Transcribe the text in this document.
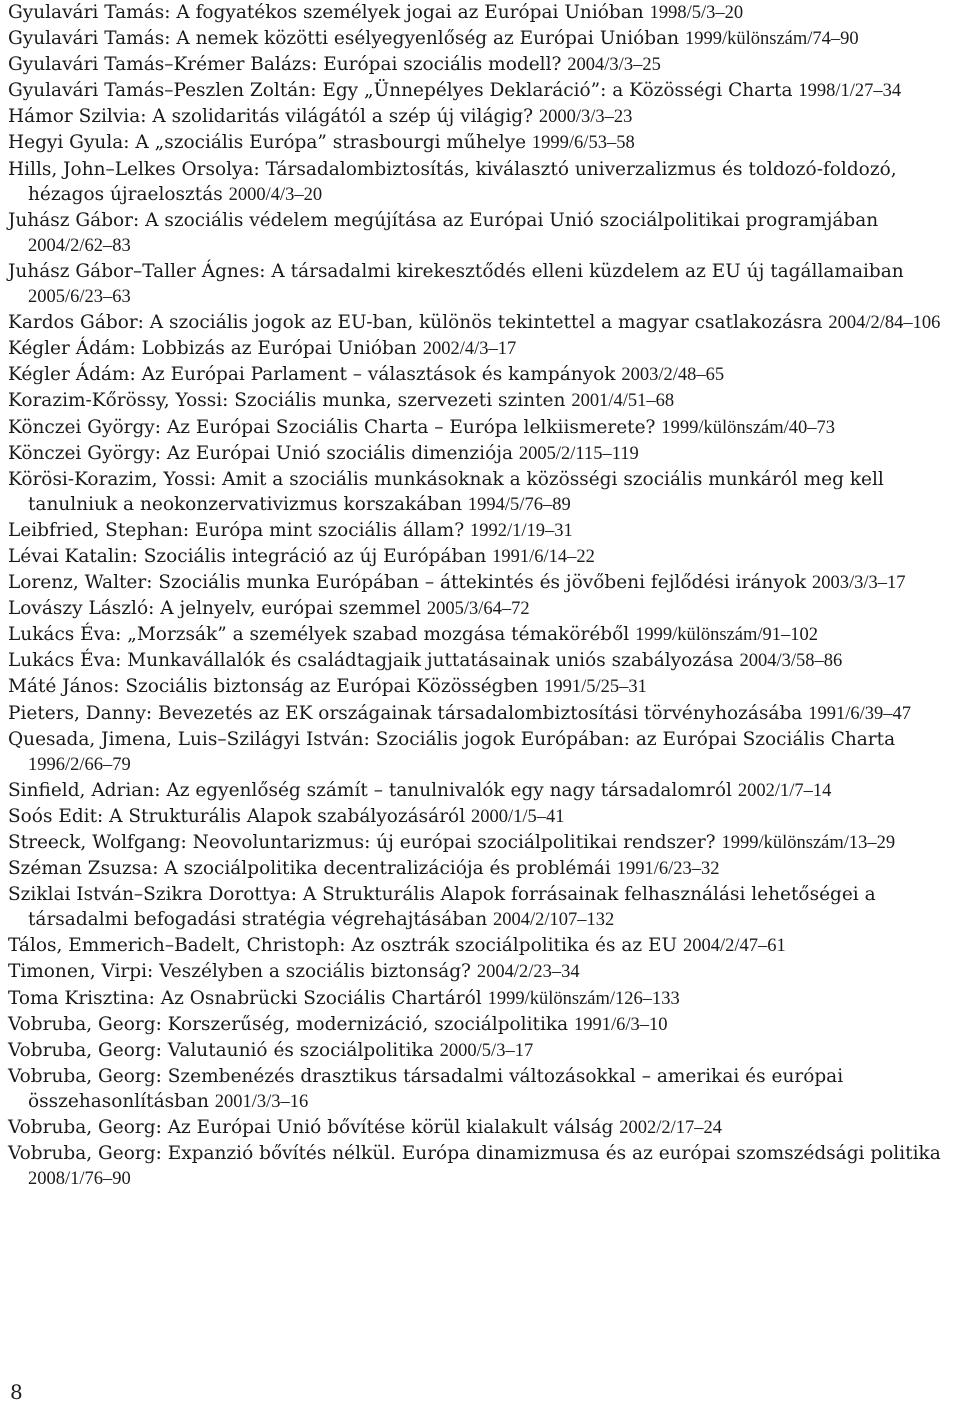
Gyulavári Tamás: A fogyatékos személyek jogai az Európai Unióban 1998/5/3–20
Gyulavári Tamás: A nemek közötti esélyegyenlőség az Európai Unióban 1999/különszám/74–90
Gyulavári Tamás–Krémer Balázs: Európai szociális modell? 2004/3/3–25
Gyulavári Tamás–Peszlen Zoltán: Egy „Ünnepélyes Deklaráció”: a Közösségi Charta 1998/1/27–34
Hámor Szilvia: A szolidaritás világától a szép új világig? 2000/3/3–23
Hegyi Gyula: A „szociális Európa” strasbourgi műhelye 1999/6/53–58
Hills, John–Lelkes Orsolya: Társadalombiztosítás, kiválasztó univerzalizmus és toldozó-foldozó, hézagos újraelosztás 2000/4/3–20
Juhász Gábor: A szociális védelem megújítása az Európai Unió szociálpolitikai programjában 2004/2/62–83
Juhász Gábor–Taller Ágnes: A társadalmi kirekesztődés elleni küzdelem az EU új tagállamaiban 2005/6/23–63
Kardos Gábor: A szociális jogok az EU-ban, különös tekintettel a magyar csatlakozásra 2004/2/84–106
Kégler Ádám: Lobbizás az Európai Unióban 2002/4/3–17
Kégler Ádám: Az Európai Parlament – választások és kampányok 2003/2/48–65
Korazim-Kőrössy, Yossi: Szociális munka, szervezeti szinten 2001/4/51–68
Könczei György: Az Európai Szociális Charta – Európa lelkiismerete? 1999/különszám/40–73
Könczei György: Az Európai Unió szociális dimenziója 2005/2/115–119
Körösi-Korazim, Yossi: Amit a szociális munkásoknak a közösségi szociális munkáról meg kell tanulniuk a neokonzervativizmus korszakában 1994/5/76–89
Leibfried, Stephan: Európa mint szociális állam? 1992/1/19–31
Lévai Katalin: Szociális integráció az új Európában 1991/6/14–22
Lorenz, Walter: Szociális munka Európában – áttekintés és jövőbeni fejlődési irányok 2003/3/3–17
Lovászy László: A jelnyelv, európai szemmel 2005/3/64–72
Lukács Éva: „Morzsák” a személyek szabad mozgása témaköréből 1999/különszám/91–102
Lukács Éva: Munkavállalók és családtagjaik juttatásainak uniós szabályozása 2004/3/58–86
Máté János: Szociális biztonság az Európai Közösségben 1991/5/25–31
Pieters, Danny: Bevezetés az EK országainak társadalombiztosítási törvényhozásába 1991/6/39–47
Quesada, Jimena, Luis–Szilágyi István: Szociális jogok Európában: az Európai Szociális Charta 1996/2/66–79
Sinfield, Adrian: Az egyenlőség számít – tanulnivalók egy nagy társadalomról 2002/1/7–14
Soós Edit: A Strukturális Alapok szabályozásáról 2000/1/5–41
Streeck, Wolfgang: Neovoluntarizmus: új európai szociálpolitikai rendszer? 1999/különszám/13–29
Széman Zsuzsa: A szociálpolitika decentralizációja és problémái 1991/6/23–32
Sziklai István–Szikra Dorottya: A Strukturális Alapok forrásainak felhasználási lehetőségei a társadalmi befogadási stratégia végrehajtásában 2004/2/107–132
Tálos, Emmerich–Badelt, Christoph: Az osztrák szociálpolitika és az EU 2004/2/47–61
Timonen, Virpi: Veszélyben a szociális biztonság? 2004/2/23–34
Toma Krisztina: Az Osnabrücki Szociális Chartáról 1999/különszám/126–133
Vobruba, Georg: Korszerűség, modernizáció, szociálpolitika 1991/6/3–10
Vobruba, Georg: Valutaunió és szociálpolitika 2000/5/3–17
Vobruba, Georg: Szembenézés drasztikus társadalmi változásokkal – amerikai és európai összehasonlításban 2001/3/3–16
Vobruba, Georg: Az Európai Unió bővítése körül kialakult válság 2002/2/17–24
Vobruba, Georg: Expanzió bővítés nélkül. Európa dinamizmusa és az európai szomszédsági politika 2008/1/76–90
8
